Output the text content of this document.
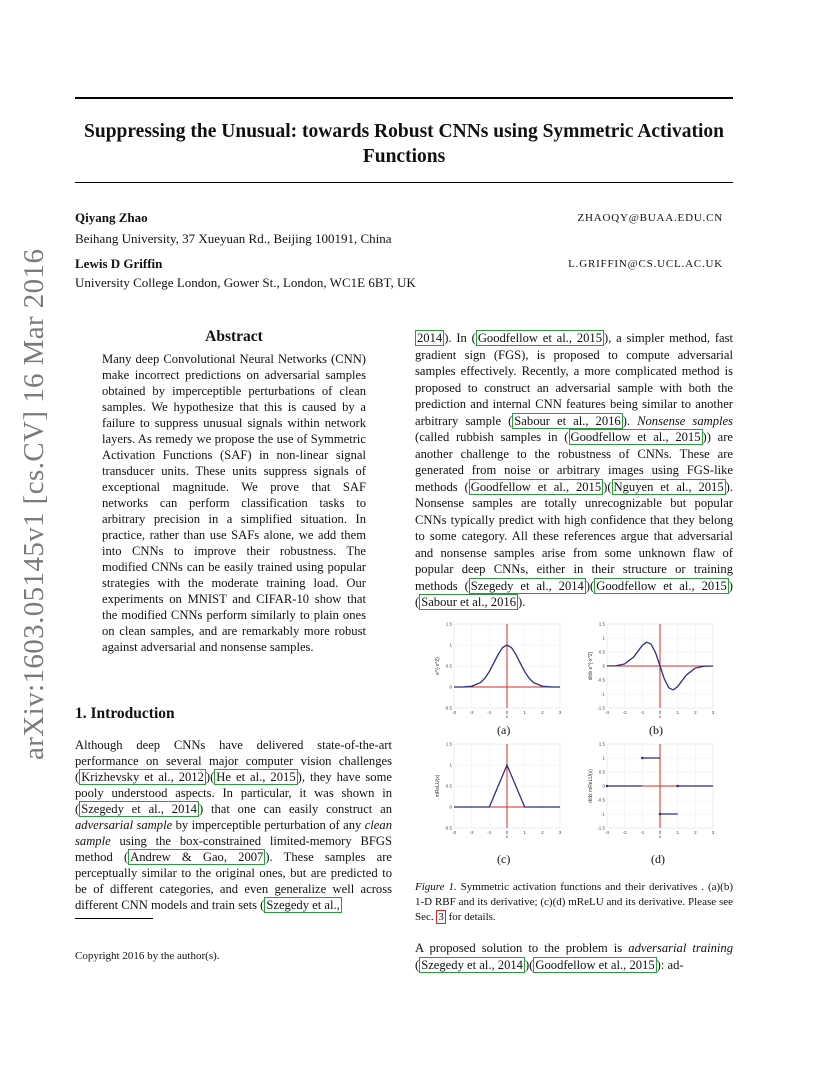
Suppressing the Unusual: towards Robust CNNs using Symmetric Activation Functions
Qiyang Zhao	ZHAOQY@BUAA.EDU.CN
Beihang University, 37 Xueyuan Rd., Beijing 100191, China
Lewis D Griffin	L.GRIFFIN@CS.UCL.AC.UK
University College London, Gower St., London, WC1E 6BT, UK
arXiv:1603.05145v1 [cs.CV] 16 Mar 2016	Abstract

Many deep Convolutional Neural Networks (CNN) make incorrect predictions on adversarial samples obtained by imperceptible perturbations of clean samples. We hypothesize that this is caused by a failure to suppress unusual signals within network layers. As remedy we propose the use of Symmetric Activation Functions (SAF) in non-linear signal transducer units. These units suppress signals of exceptional magnitude. We prove that SAF networks can perform classification tasks to arbitrary precision in a simplified situation. In practice, rather than use SAFs alone, we add them into CNNs to improve their robustness. The modified CNNs can be easily trained using popular strategies with the moderate training load. Our experiments on MNIST and CIFAR-10 show that the modified CNNs perform similarly to plain ones on clean samples, and are remarkably more robust against adversarial and nonsense samples.

1. Introduction

Although deep CNNs have delivered state-of-the-art performance on several major computer vision challenges ( Krizhevsky et al., 2012 )( He et al., 2015 ), they have some pooly understood aspects. In particular, it was shown in ( Szegedy et al., 2014 ) that one can easily construct an adversarial sample by imperceptible perturbation of any clean sample using the box-constrained limited-memory BFGS method ( Andrew & Gao, 2007 ). These samples are perceptually similar to the original ones, but are predicted to be of different categories, and even generalize well across different CNN models and train sets ( Szegedy et al.,

Copyright 2016 by the author(s).

2014 ). In ( Goodfellow et al., 2015 ), a simpler method, fast gradient sign (FGS), is proposed to compute adversarial samples effectively. Recently, a more complicated method is proposed to construct an adversarial sample with both the prediction and internal CNN features being similar to another arbitrary sample ( Sabour et al., 2016 ). Nonsense samples (called rubbish samples in ( Goodfellow et al., 2015 )) are another challenge to the robustness of CNNs. These are generated from noise or arbitrary images using FGS-like methods ( Goodfellow et al., 2015 )( Nguyen et al., 2015 ). Nonsense samples are totally unrecognizable but popular CNNs typically predict with high confidence that they belong to some category. All these references argue that adversarial and nonsense samples arise from some unknown flaw of popular deep CNNs, either in their structure or training methods ( Szegedy et al., 2014 )( Goodfellow et al., 2015 )( Sabour et al., 2016 ).

-3	-2	-1	0	1	2	3
-0.5
0
0.5
1
1.5
x
e^{-x^2}
-3	-2	-1	0	1	2	3
-1.5
-1
-0.5
0
0.5
1
1.5
x
d/dx e^{-x^2}
-3	-2	-1	0	1	2	3
-0.5
0
0.5
1
1.5
x
mReLU(x)
-3	-2	-1	0	1	2	3
-1.5
-1
-0.5
0
0.5
1
1.5
x
d/dx mReLU(x)
(a)	(b)
(c)	(d)

Figure 1. Symmetric activation functions and their derivatives . (a)(b) 1-D RBF and its derivative; (c)(d) mReLU and its derivative. Please see Sec. 3 for details.

A proposed solution to the problem is adversarial training ( Szegedy et al., 2014 )( Goodfellow et al., 2015 ): ad-
